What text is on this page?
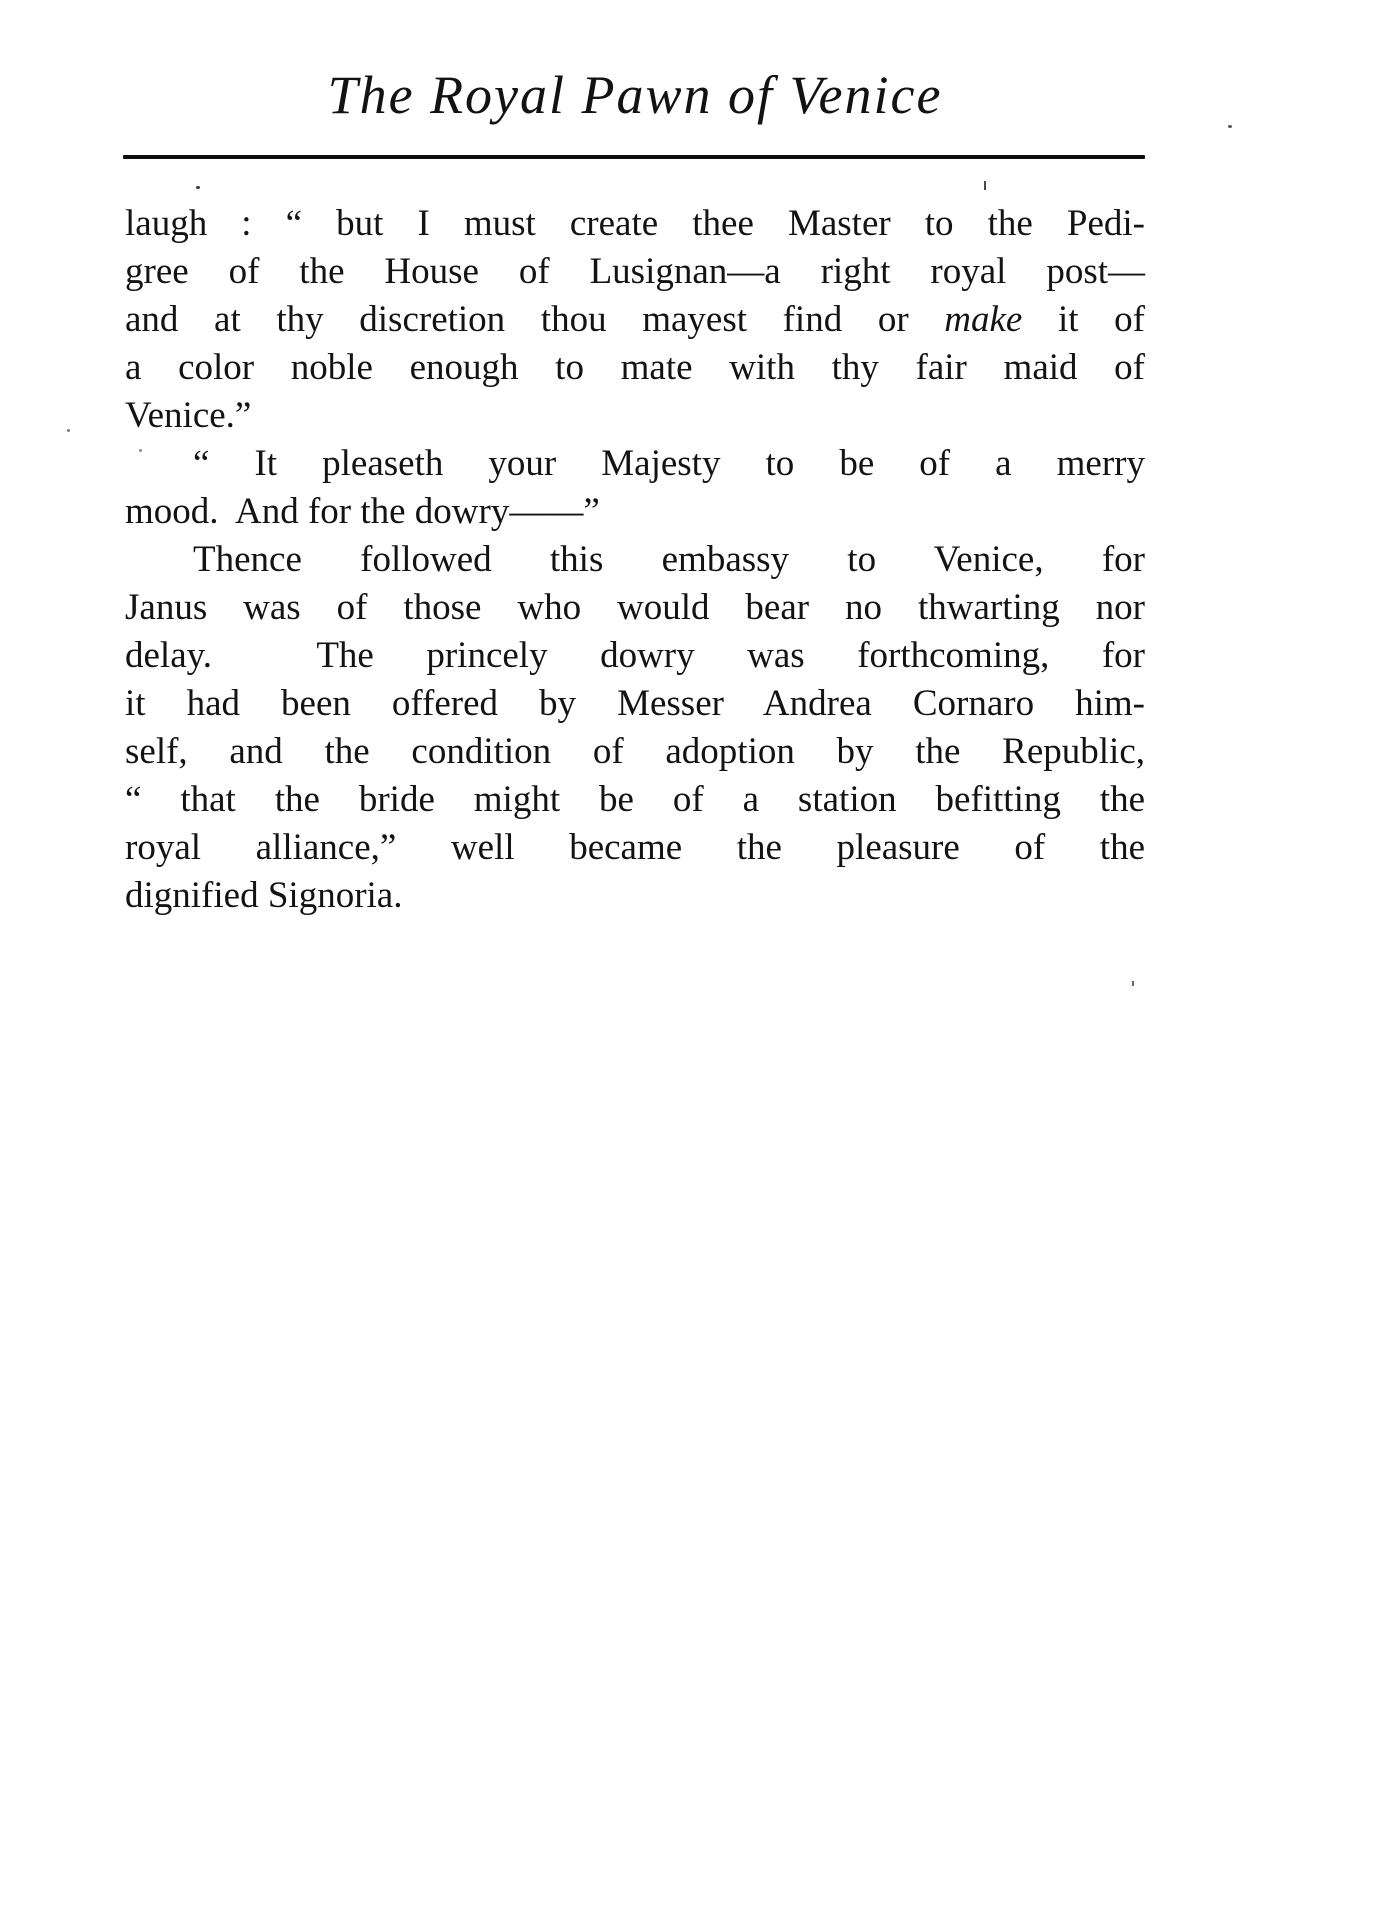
The Royal Pawn of Venice
laugh : “ but I must create thee Master to the Pedi-
gree of the House of Lusignan—a right royal post—
and at thy discretion thou mayest find or make it of
a color noble enough to mate with thy fair maid of
Venice.”
“ It pleaseth your Majesty to be of a merry
mood.  And for the dowry——”
Thence followed this embassy to Venice, for
Janus was of those who would bear no thwarting nor
delay.  The princely dowry was forthcoming, for
it had been offered by Messer Andrea Cornaro him-
self, and the condition of adoption by the Republic,
“ that the bride might be of a station befitting the
royal alliance,” well became the pleasure of the
dignified Signoria.
